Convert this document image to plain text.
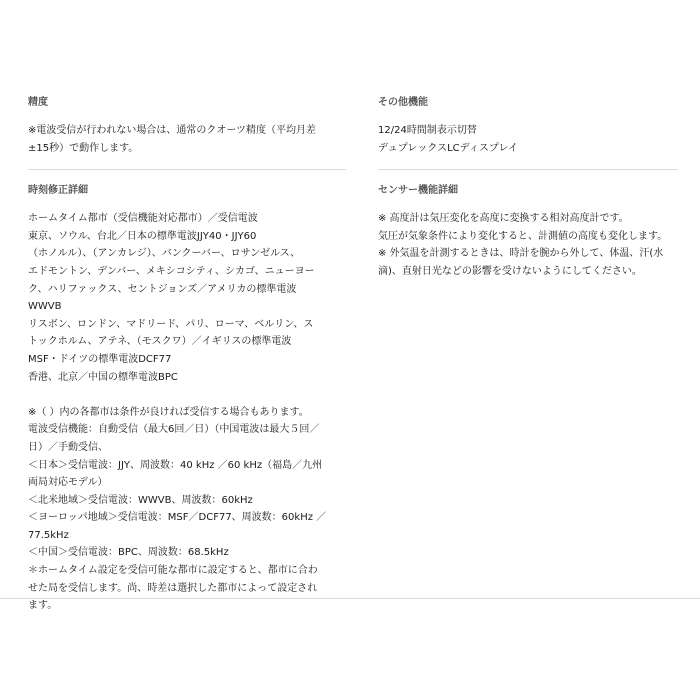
精度
※電波受信が行われない場合は、通常のクオーツ精度（平均月差
±15秒）で動作します。
時刻修正詳細
ホームタイム都市（受信機能対応都市）／受信電波
東京、ソウル、台北／日本の標準電波JJY40・JJY60
（ホノルル）、（アンカレジ）、バンクーバー、ロサンゼルス、
エドモントン、デンバー、メキシコシティ、シカゴ、ニューヨー
ク、ハリファックス、セントジョンズ／アメリカの標準電波
WWVB
リスボン、ロンドン、マドリード、パリ、ローマ、ベルリン、ス
トックホルム、アテネ、（モスクワ）／イギリスの標準電波
MSF・ドイツの標準電波DCF77
香港、北京／中国の標準電波BPC
※（ ）内の各都市は条件が良ければ受信する場合もあります。
電波受信機能：自動受信（最大6回／日）（中国電波は最大５回／
日）／手動受信、
＜日本＞受信電波：JJY、周波数：40 kHz ／60 kHz（福島／九州
両局対応モデル）
＜北米地域＞受信電波：WWVB、周波数：60kHz
＜ヨーロッパ地域＞受信電波：MSF／DCF77、周波数：60kHz ／
77.5kHz
＜中国＞受信電波：BPC、周波数：68.5kHz
＊ホームタイム設定を受信可能な都市に設定すると、都市に合わ
せた局を受信します。尚、時差は選択した都市によって設定され
ます。
その他機能
12/24時間制表示切替
デュプレックスLCディスプレイ
センサー機能詳細
※ 高度計は気圧変化を高度に変換する相対高度計です。
気圧が気象条件により変化すると、計測値の高度も変化します。
※ 外気温を計測するときは、時計を腕から外して、体温、汗(水
滴)、直射日光などの影響を受けないようにしてください。
